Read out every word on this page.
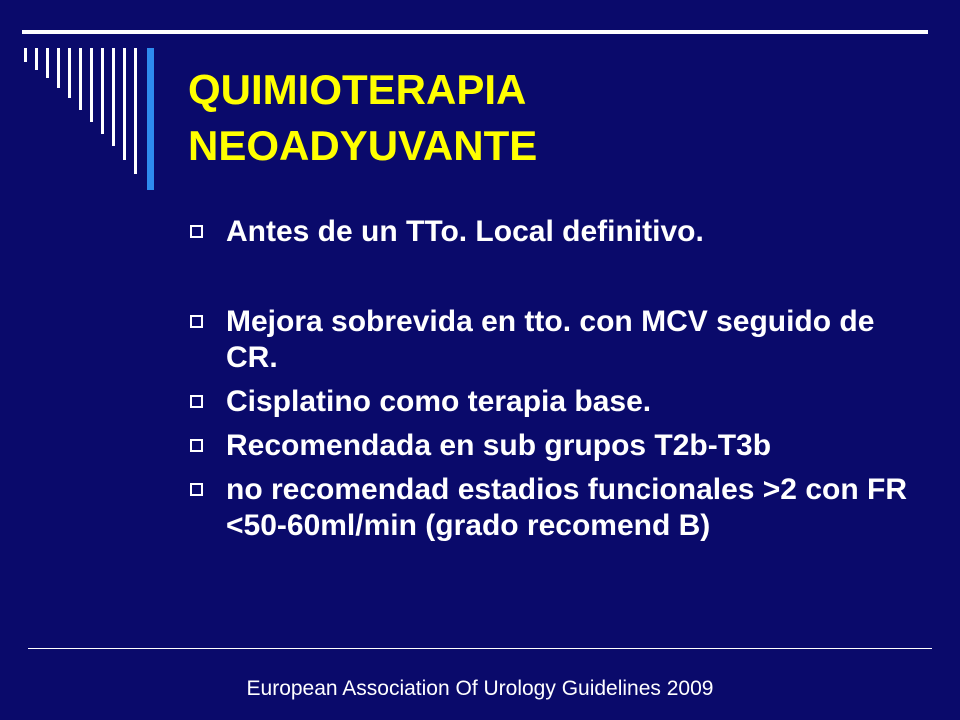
QUIMIOTERAPIA
NEOADYUVANTE
Antes de un TTo. Local definitivo.
Mejora sobrevida en tto. con MCV seguido de CR.
Cisplatino como terapia base.
Recomendada en sub grupos T2b-T3b
no recomendad estadios funcionales >2 con FR <50-60ml/min (grado recomend B)
European Association Of Urology Guidelines 2009
